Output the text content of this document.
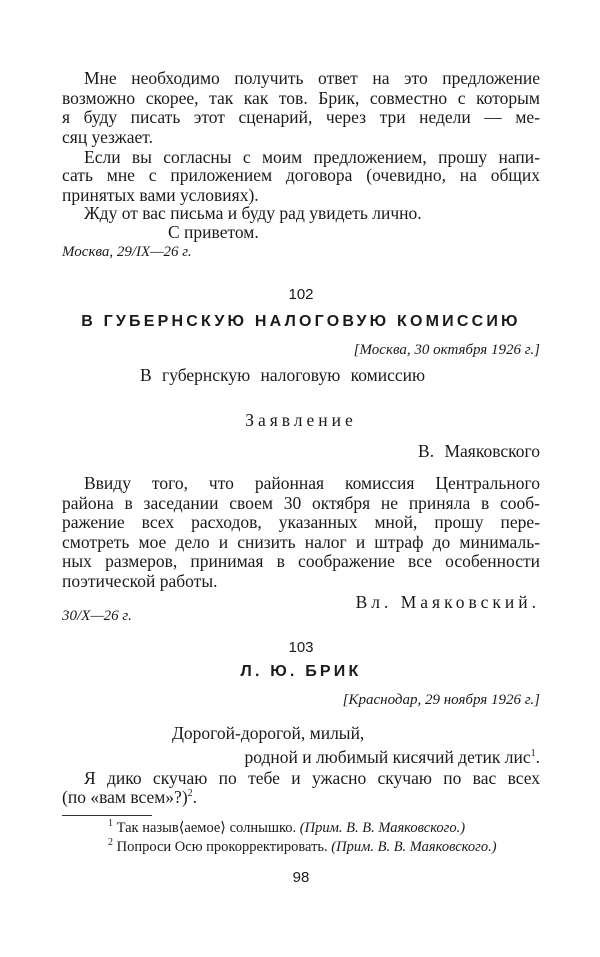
Мне необходимо получить ответ на это предложение
возможно скорее, так как тов. Брик, совместно с которым
я буду писать этот сценарий, через три недели — ме-
сяц уезжает.
Если вы согласны с моим предложением, прошу напи-
сать мне с приложением договора (очевидно, на общих
принятых вами условиях).
Жду от вас письма и буду рад увидеть лично.
С приветом.
Москва, 29/IX—26 г.
102
В ГУБЕРНСКУЮ НАЛОГОВУЮ КОМИССИЮ
[Москва, 30 октября 1926 г.]
В губернскую налоговую комиссию
Заявление
В. Маяковского
Ввиду того, что районная комиссия Центрального
района в заседании своем 30 октября не приняла в сооб-
ражение всех расходов, указанных мной, прошу пере-
смотреть мое дело и снизить налог и штраф до минималь-
ных размеров, принимая в соображение все особенности
поэтической работы.
Вл. Маяковский.
30/X—26 г.
103
Л. Ю. БРИК
[Краснодар, 29 ноября 1926 г.]
Дорогой-дорогой, милый,
родной и любимый кисячий детик лис$^1$.
Я дико скучаю по тебе и ужасно скучаю по вас всех
(по «вам всем»?)$^2$.
$^1$ Так назыв⟨аемое⟩ солнышко. (Прим. В. В. Маяковского.)
$^2$ Попроси Осю прокорректировать. (Прим. В. В. Маяковского.)
98
